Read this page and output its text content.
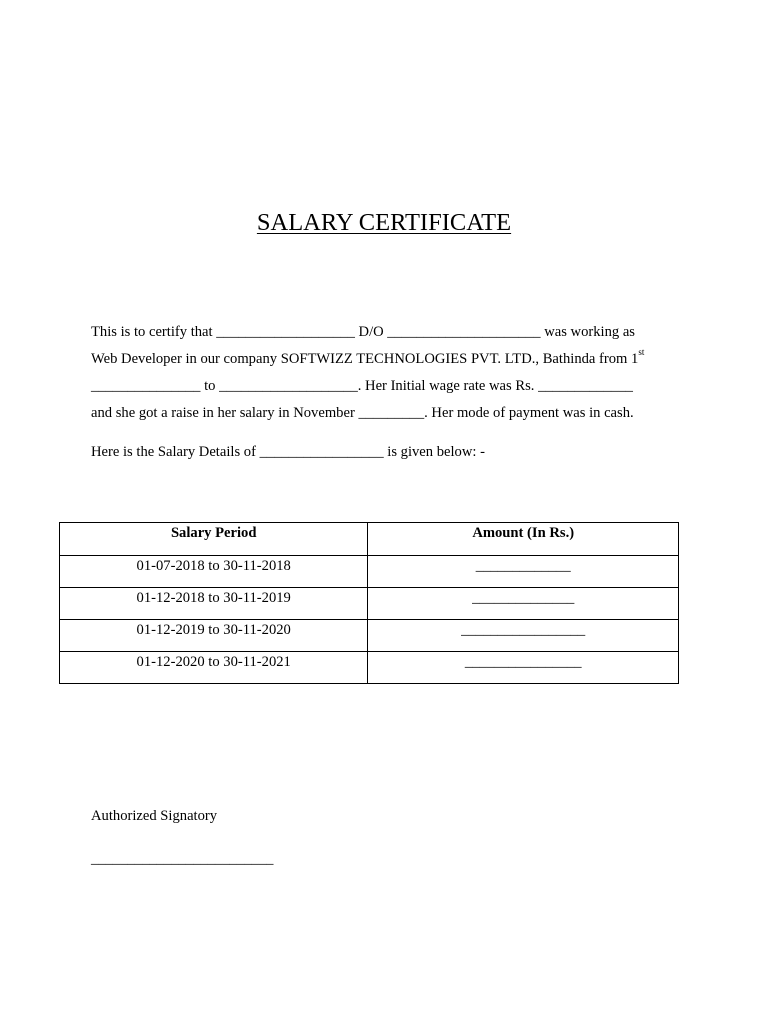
SALARY CERTIFICATE
This is to certify that ___________________ D/O _____________________ was working as
Web Developer in our company SOFTWIZZ TECHNOLOGIES PVT. LTD., Bathinda from 1st
_______________ to ___________________. Her Initial wage rate was Rs. _____________
and she got a raise in her salary in November _________. Her mode of payment was in cash.
Here is the Salary Details of _________________ is given below: -
Salary Period	Amount (In Rs.)
01-07-2018 to 30-11-2018	_____________
01-12-2018 to 30-11-2019	______________
01-12-2019 to 30-11-2020	_________________
01-12-2020 to 30-11-2021	________________
Authorized Signatory
_________________________
